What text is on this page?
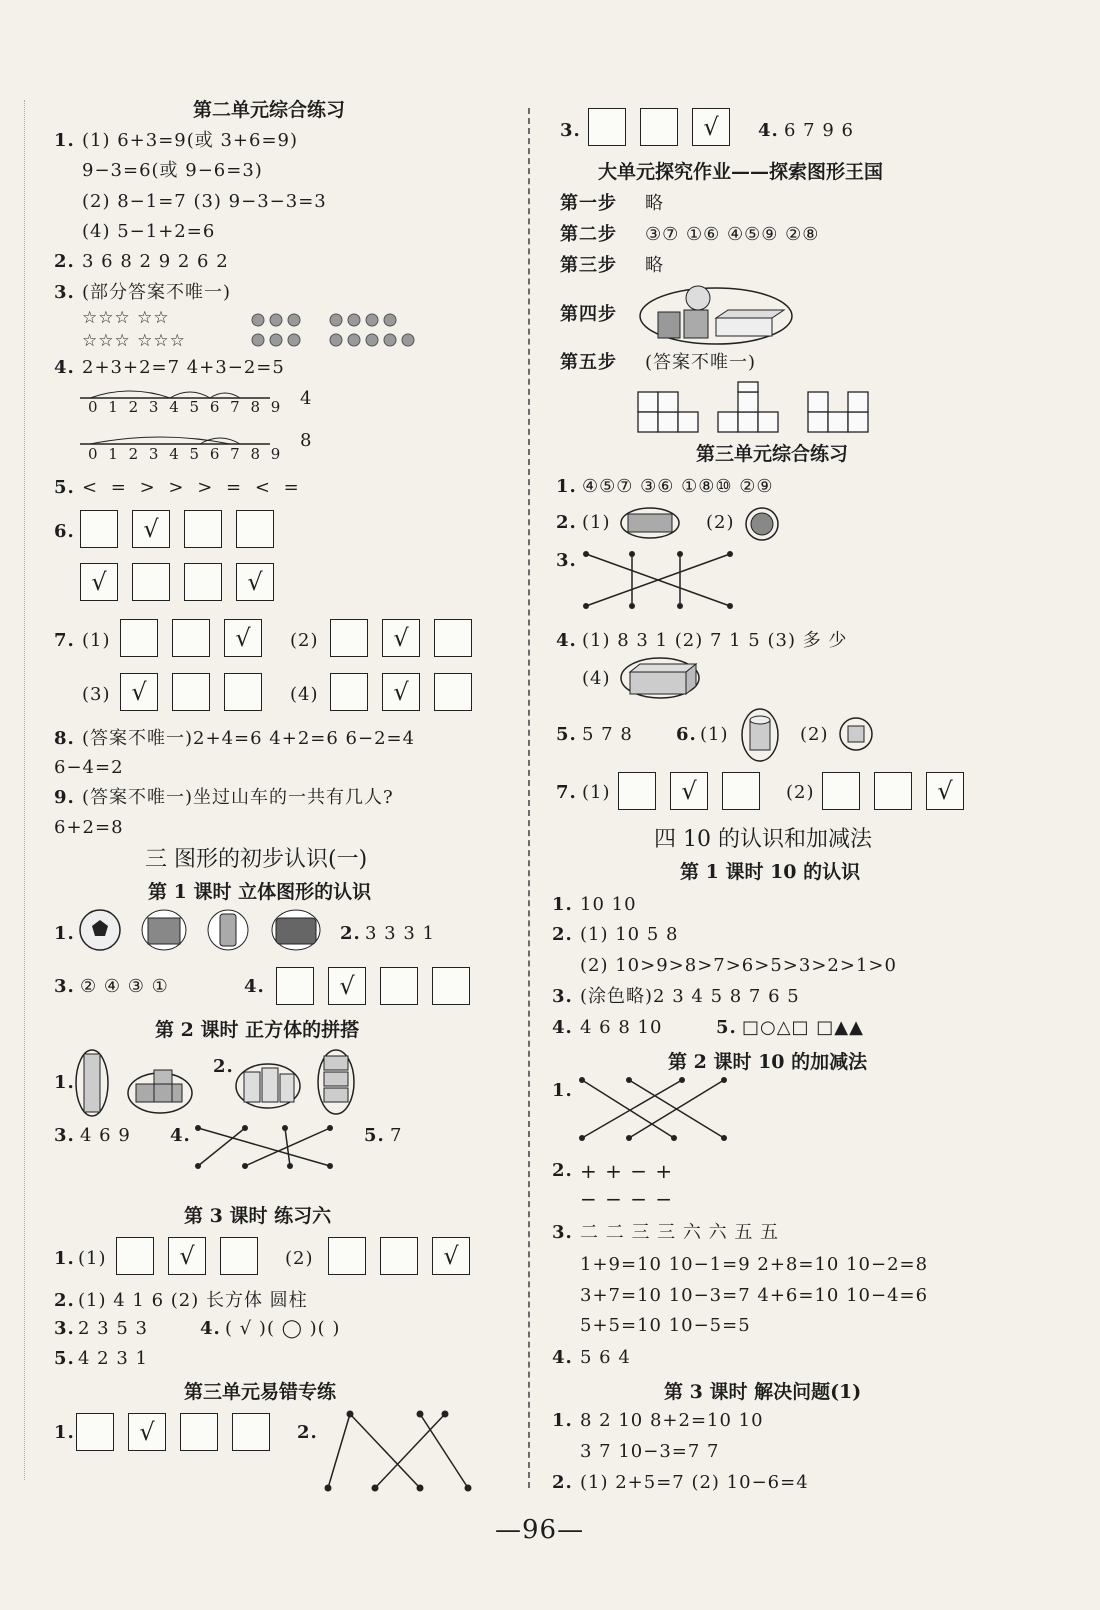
第二单元综合练习
1. (1) 6+3=9(或 3+6=9)
9−3=6(或 9−6=3)
(2) 8−1=7 (3) 9−3−3=3
(4) 5−1+2=6
2. 3 6 8 2 9 2 6 2
3. (部分答案不唯一)
☆☆☆ ☆☆
☆☆☆ ☆☆☆
4. 2+3+2=7 4+3−2=5
0 1 2 3 4 5 6 7 8 9 4
0 1 2 3 4 5 6 7 8 9
8
5. < = > > > = < =
6.	√
√	√
7. (1)	√	(2)	√
(3) √	(4)	√
8. (答案不唯一)2+4=6 4+2=6 6−2=4
6−4=2
9. (答案不唯一)坐过山车的一共有几人?
6+2=8
三 图形的初步认识(一)
第 1 课时 立体图形的认识
1.	2. 3 3 3 1
3. ② ④ ③ ①	4.	√
第 2 课时 正方体的拼搭
1.
2.
3. 4 6 9 4.	5. 7
第 3 课时 练习六
1. (1)	√	(2)	√
2. (1) 4 1 6 (2) 长方体 圆柱
3. 2 3 5 3	4. ( √ )( ◯ )( )
5. 4 2 3 1
第三单元易错专练
1.	√	2.
3.	√	4. 6 7 9 6
大单元探究作业——探索图形王国
第一步 略
第二步 ③⑦ ①⑥ ④⑤⑨ ②⑧
第三步 略
第四步
第五步 (答案不唯一)
第三单元综合练习
1. ④⑤⑦ ③⑥ ①⑧⑩ ②⑨
2. (1)	(2)
3.
4. (1) 8 3 1 (2) 7 1 5 (3) 多 少
(4)
5. 5 7 8 6. (1)	(2)
7. (1)	√	(2)	√
四 10 的认识和加减法
第 1 课时 10 的认识
1. 10 10
2. (1) 10 5 8
(2) 10>9>8>7>6>5>3>2>1>0
3. (涂色略)2 3 4 5 8 7 6 5
4. 4 6 8 10	5. □○△□ □▲▲
第 2 课时 10 的加减法
1.
2. + + − +
− − − −
3. 二 二 三 三 六 六 五 五
1+9=10 10−1=9 2+8=10 10−2=8
3+7=10 10−3=7 4+6=10 10−4=6
5+5=10 10−5=5
4. 5 6 4
第 3 课时 解决问题(1)
1. 8 2 10 8+2=10 10
3 7 10−3=7 7
2. (1) 2+5=7 (2) 10−6=4
—96—
